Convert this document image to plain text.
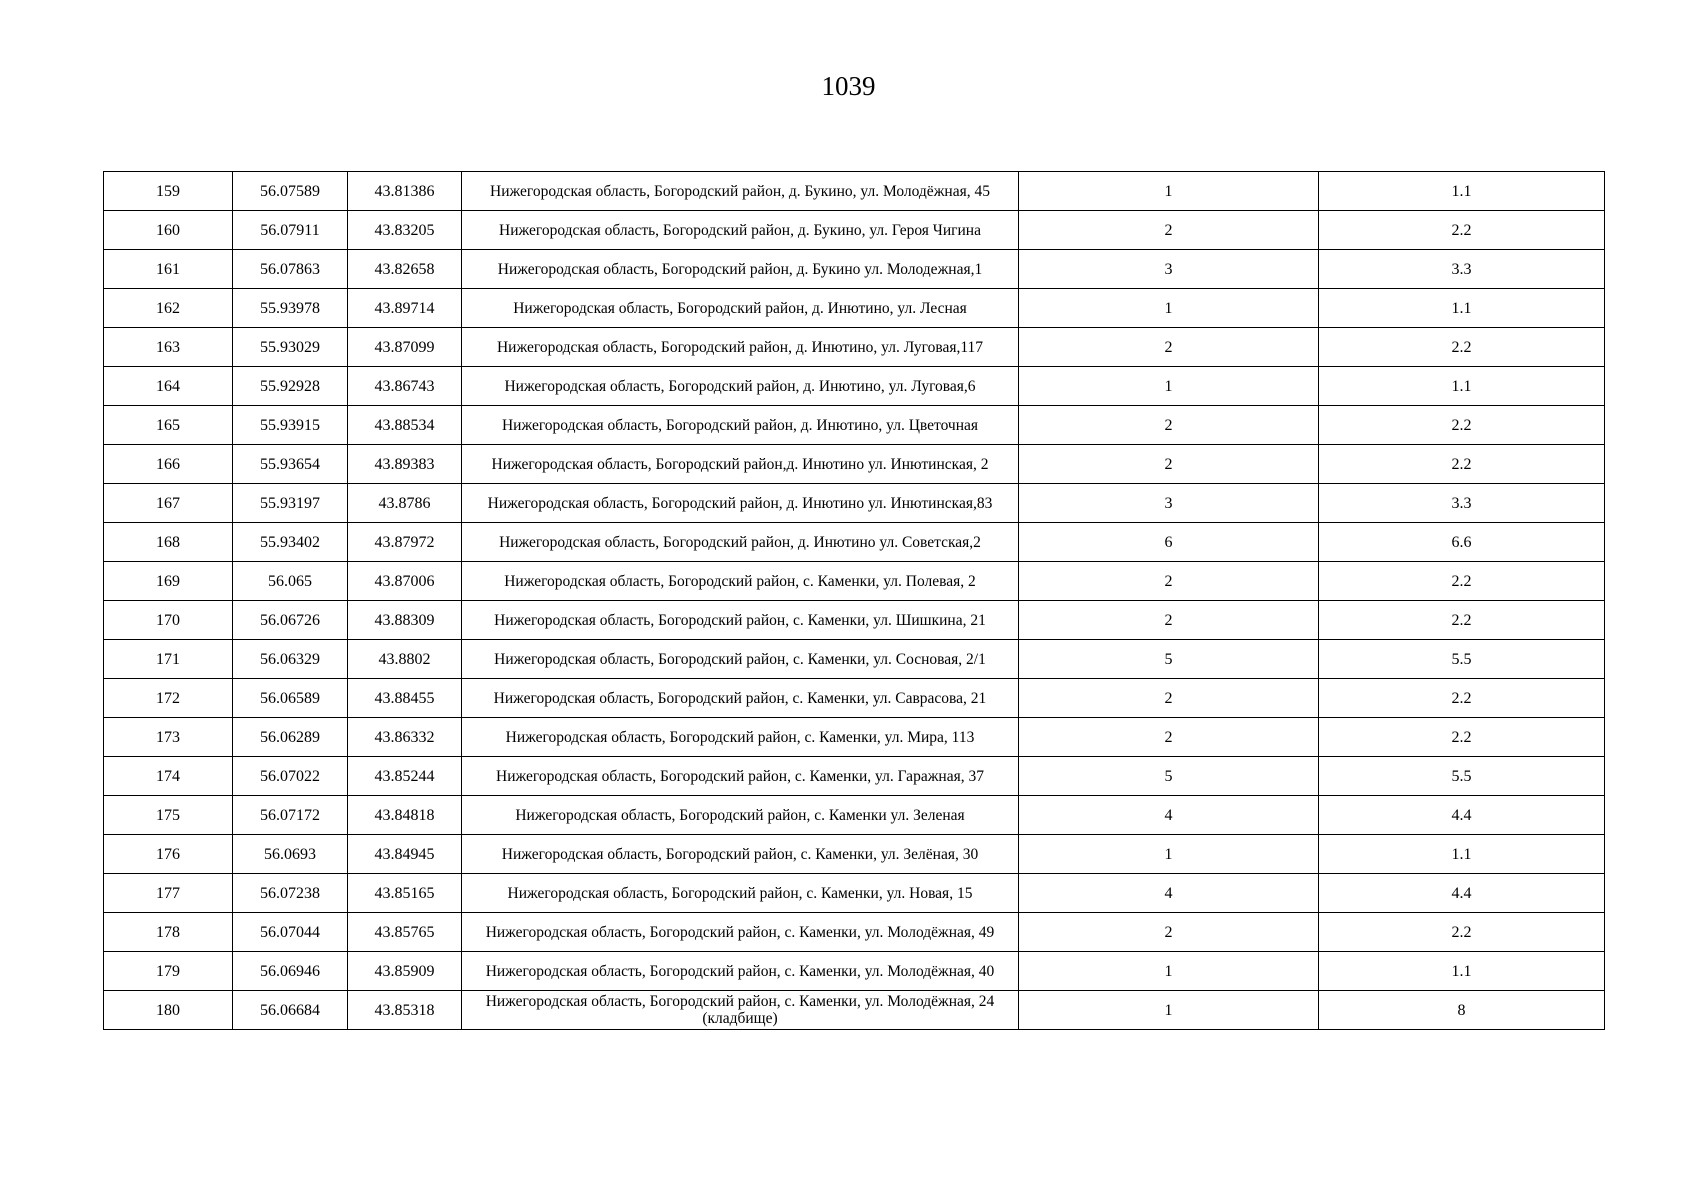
1039
159	56.07589	43.81386	Нижегородская область, Богородский район, д. Букино, ул. Молодёжная, 45	1	1.1
160	56.07911	43.83205	Нижегородская область, Богородский район, д. Букино, ул. Героя Чигина	2	2.2
161	56.07863	43.82658	Нижегородская область, Богородский район, д. Букино ул. Молодежная,1	3	3.3
162	55.93978	43.89714	Нижегородская область, Богородский район, д. Инютино, ул. Лесная	1	1.1
163	55.93029	43.87099	Нижегородская область, Богородский район, д. Инютино, ул. Луговая,117	2	2.2
164	55.92928	43.86743	Нижегородская область, Богородский район, д. Инютино, ул. Луговая,6	1	1.1
165	55.93915	43.88534	Нижегородская область, Богородский район, д. Инютино, ул. Цветочная	2	2.2
166	55.93654	43.89383	Нижегородская область, Богородский район,д. Инютино ул. Инютинская, 2	2	2.2
167	55.93197	43.8786	Нижегородская область, Богородский район, д. Инютино ул. Инютинская,83	3	3.3
168	55.93402	43.87972	Нижегородская область, Богородский район, д. Инютино ул. Советская,2	6	6.6
169	56.065	43.87006	Нижегородская область, Богородский район, с. Каменки, ул. Полевая, 2	2	2.2
170	56.06726	43.88309	Нижегородская область, Богородский район, с. Каменки, ул. Шишкина, 21	2	2.2
171	56.06329	43.8802	Нижегородская область, Богородский район, с. Каменки, ул. Сосновая, 2/1	5	5.5
172	56.06589	43.88455	Нижегородская область, Богородский район, с. Каменки, ул. Саврасова, 21	2	2.2
173	56.06289	43.86332	Нижегородская область, Богородский район, с. Каменки, ул. Мира, 113	2	2.2
174	56.07022	43.85244	Нижегородская область, Богородский район, с. Каменки, ул. Гаражная, 37	5	5.5
175	56.07172	43.84818	Нижегородская область, Богородский район, с. Каменки ул. Зеленая	4	4.4
176	56.0693	43.84945	Нижегородская область, Богородский район, с. Каменки, ул. Зелёная, 30	1	1.1
177	56.07238	43.85165	Нижегородская область, Богородский район, с. Каменки, ул. Новая, 15	4	4.4
178	56.07044	43.85765	Нижегородская область, Богородский район, с. Каменки, ул. Молодёжная, 49	2	2.2
179	56.06946	43.85909	Нижегородская область, Богородский район, с. Каменки, ул. Молодёжная, 40	1	1.1
180	56.06684	43.85318	Нижегородская область, Богородский район, с. Каменки, ул. Молодёжная, 24 (кладбище)	1	8
